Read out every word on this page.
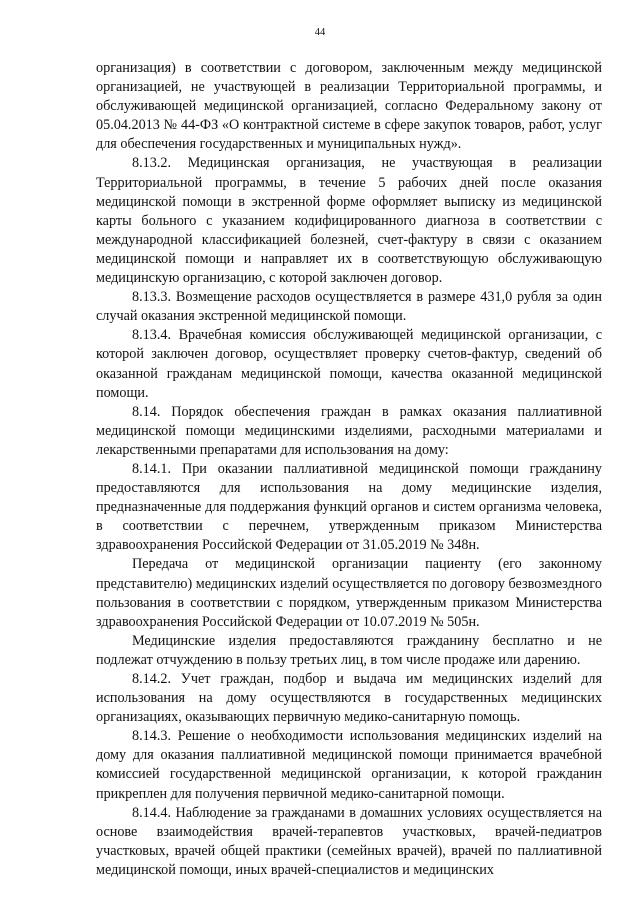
44

организация) в соответствии с договором, заключенным между медицинской организацией, не участвующей в реализации Территориальной программы, и обслуживающей медицинской организацией, согласно Федеральному закону от 05.04.2013 № 44-ФЗ «О контрактной системе в сфере закупок товаров, работ, услуг для обеспечения государственных и муниципальных нужд».

8.13.2. Медицинская организация, не участвующая в реализации Территориальной программы, в течение 5 рабочих дней после оказания медицинской помощи в экстренной форме оформляет выписку из медицинской карты больного с указанием кодифицированного диагноза в соответствии с международной классификацией болезней, счет-фактуру в связи с оказанием медицинской помощи и направляет их в соответствующую обслуживающую медицинскую организацию, с которой заключен договор.

8.13.3. Возмещение расходов осуществляется в размере 431,0 рубля за один случай оказания экстренной медицинской помощи.

8.13.4. Врачебная комиссия обслуживающей медицинской организации, с которой заключен договор, осуществляет проверку счетов-фактур, сведений об оказанной гражданам медицинской помощи, качества оказанной медицинской помощи.

8.14. Порядок обеспечения граждан в рамках оказания паллиативной медицинской помощи медицинскими изделиями, расходными материалами и лекарственными препаратами для использования на дому:

8.14.1. При оказании паллиативной медицинской помощи гражданину предоставляются для использования на дому медицинские изделия, предназначенные для поддержания функций органов и систем организма человека, в соответствии с перечнем, утвержденным приказом Министерства здравоохранения Российской Федерации от 31.05.2019 № 348н.

Передача от медицинской организации пациенту (его законному представителю) медицинских изделий осуществляется по договору безвозмездного пользования в соответствии с порядком, утвержденным приказом Министерства здравоохранения Российской Федерации от 10.07.2019 № 505н.

Медицинские изделия предоставляются гражданину бесплатно и не подлежат отчуждению в пользу третьих лиц, в том числе продаже или дарению.

8.14.2. Учет граждан, подбор и выдача им медицинских изделий для использования на дому осуществляются в государственных медицинских организациях, оказывающих первичную медико-санитарную помощь.

8.14.3. Решение о необходимости использования медицинских изделий на дому для оказания паллиативной медицинской помощи принимается врачебной комиссией государственной медицинской организации, к которой гражданин прикреплен для получения первичной медико-санитарной помощи.

8.14.4. Наблюдение за гражданами в домашних условиях осуществляется на основе взаимодействия врачей-терапевтов участковых, врачей-педиатров участковых, врачей общей практики (семейных врачей), врачей по паллиативной медицинской помощи, иных врачей-специалистов и медицинских
